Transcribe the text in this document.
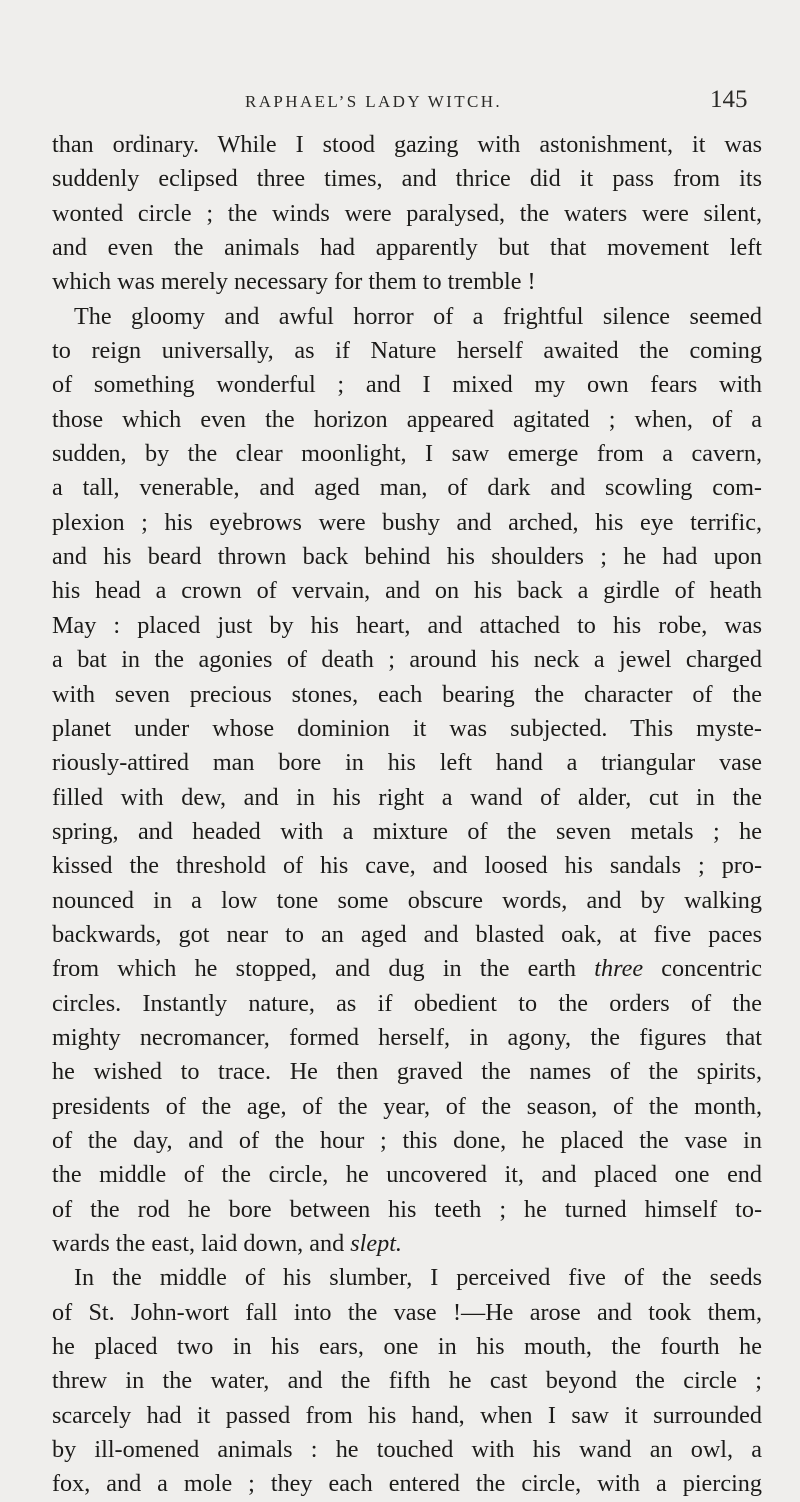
RAPHAEL’S LADY WITCH.	145
than ordinary. While I stood gazing with astonishment, it was
suddenly eclipsed three times, and thrice did it pass from its
wonted circle ; the winds were paralysed, the waters were silent,
and even the animals had apparently but that movement left
which was merely necessary for them to tremble !
The gloomy and awful horror of a frightful silence seemed
to reign universally, as if Nature herself awaited the coming
of something wonderful ; and I mixed my own fears with
those which even the horizon appeared agitated ; when, of a
sudden, by the clear moonlight, I saw emerge from a cavern,
a tall, venerable, and aged man, of dark and scowling com-
plexion ; his eyebrows were bushy and arched, his eye terrific,
and his beard thrown back behind his shoulders ; he had upon
his head a crown of vervain, and on his back a girdle of heath
May : placed just by his heart, and attached to his robe, was
a bat in the agonies of death ; around his neck a jewel charged
with seven precious stones, each bearing the character of the
planet under whose dominion it was subjected. This myste-
riously-attired man bore in his left hand a triangular vase
filled with dew, and in his right a wand of alder, cut in the
spring, and headed with a mixture of the seven metals ; he
kissed the threshold of his cave, and loosed his sandals ; pro-
nounced in a low tone some obscure words, and by walking
backwards, got near to an aged and blasted oak, at five paces
from which he stopped, and dug in the earth three concentric
circles. Instantly nature, as if obedient to the orders of the
mighty necromancer, formed herself, in agony, the figures that
he wished to trace. He then graved the names of the spirits,
presidents of the age, of the year, of the season, of the month,
of the day, and of the hour ; this done, he placed the vase in
the middle of the circle, he uncovered it, and placed one end
of the rod he bore between his teeth ; he turned himself to-
wards the east, laid down, and slept.
In the middle of his slumber, I perceived five of the seeds
of St. John-wort fall into the vase !—He arose and took them,
he placed two in his ears, one in his mouth, the fourth he
threw in the water, and the fifth he cast beyond the circle ;
scarcely had it passed from his hand, when I saw it surrounded
by ill-omened animals : he touched with his wand an owl, a
fox, and a mole ; they each entered the circle, with a piercing
